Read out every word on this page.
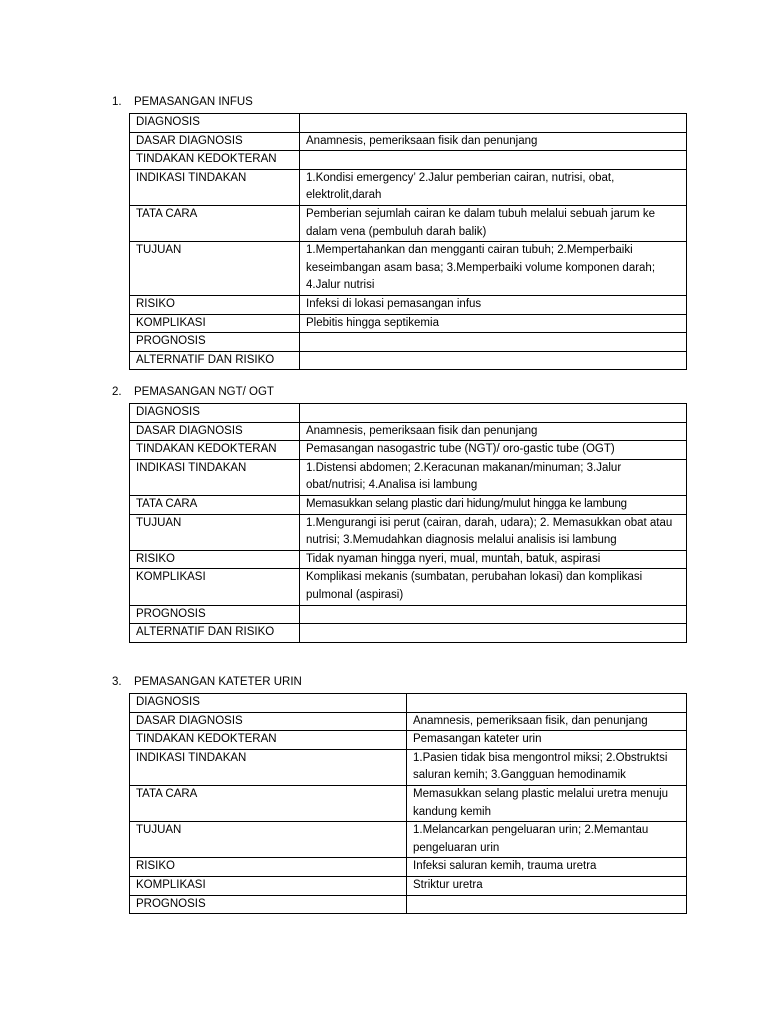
1. PEMASANGAN INFUS
DIAGNOSIS	
DASAR DIAGNOSIS	Anamnesis, pemeriksaan fisik dan penunjang
TINDAKAN KEDOKTERAN	
INDIKASI TINDAKAN	1.Kondisi emergency’ 2.Jalur pemberian cairan, nutrisi, obat, elektrolit,darah
TATA CARA	Pemberian sejumlah cairan ke dalam tubuh melalui sebuah jarum ke dalam vena (pembuluh darah balik)
TUJUAN	1.Mempertahankan dan mengganti cairan tubuh; 2.Memperbaiki keseimbangan asam basa; 3.Memperbaiki volume komponen darah; 4.Jalur nutrisi
RISIKO	Infeksi di lokasi pemasangan infus
KOMPLIKASI	Plebitis hingga septikemia
PROGNOSIS	
ALTERNATIF DAN RISIKO	
2. PEMASANGAN NGT/ OGT
DIAGNOSIS	
DASAR DIAGNOSIS	Anamnesis, pemeriksaan fisik dan penunjang
TINDAKAN KEDOKTERAN	Pemasangan nasogastric tube (NGT)/ oro-gastic tube (OGT)
INDIKASI TINDAKAN	1.Distensi abdomen; 2.Keracunan makanan/minuman; 3.Jalur obat/nutrisi; 4.Analisa isi lambung
TATA CARA	Memasukkan selang plastic dari hidung/mulut hingga ke lambung
TUJUAN	1.Mengurangi isi perut (cairan, darah, udara); 2. Memasukkan obat atau nutrisi; 3.Memudahkan diagnosis melalui analisis isi lambung
RISIKO	Tidak nyaman hingga nyeri, mual, muntah, batuk, aspirasi
KOMPLIKASI	Komplikasi mekanis (sumbatan, perubahan lokasi) dan komplikasi pulmonal (aspirasi)
PROGNOSIS	
ALTERNATIF DAN RISIKO	
3. PEMASANGAN KATETER URIN
DIAGNOSIS	
DASAR DIAGNOSIS	Anamnesis, pemeriksaan fisik, dan penunjang
TINDAKAN KEDOKTERAN	Pemasangan kateter urin
INDIKASI TINDAKAN	1.Pasien tidak bisa mengontrol miksi; 2.Obstruktsi saluran kemih; 3.Gangguan hemodinamik
TATA CARA	Memasukkan selang plastic melalui uretra menuju kandung kemih
TUJUAN	1.Melancarkan pengeluaran urin; 2.Memantau pengeluaran urin
RISIKO	Infeksi saluran kemih, trauma uretra
KOMPLIKASI	Striktur uretra
PROGNOSIS	
